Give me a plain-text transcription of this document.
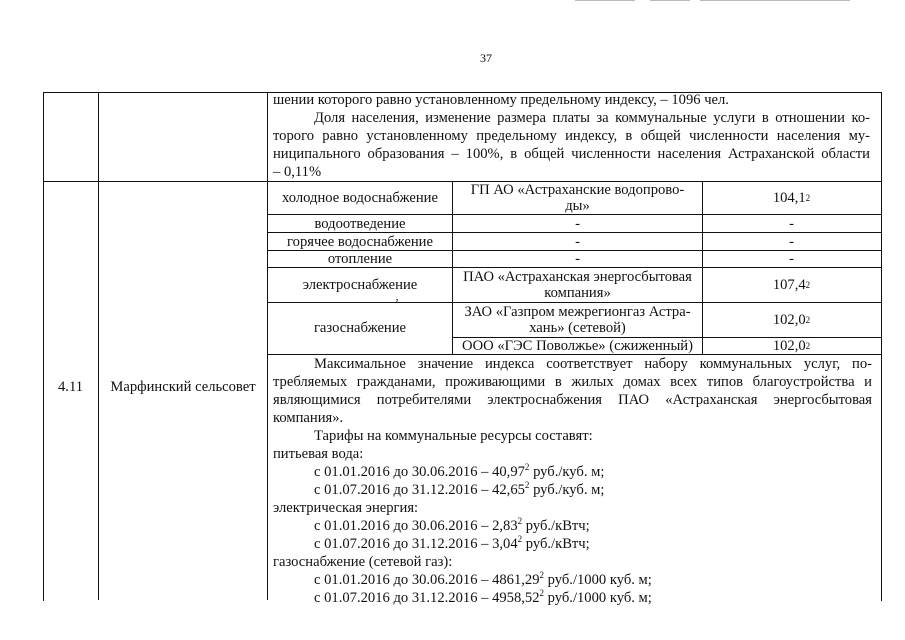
37
шении которого равно установленному предельному индексу, – 1096 чел.
Доля населения, изменение размера платы за коммунальные услуги в отношении ко-
торого равно установленному предельному индексу, в общей численности населения му-
ниципального образования – 100%, в общей численности населения Астраханской области
– 0,11%
4.11	Марфинский сельсовет
холодное водоснабжение
водоотведение
горячее водоснабжение
отопление
электроснабжение
газоснабжение
ʼ
ГП АО «Астраханские водопрово-
ды»
-
-
-
ПАО «Астраханская энергосбытовая
компания»
ЗАО «Газпром межрегионгаз Астра-
хань» (сетевой)
ООО «ГЭС Поволжье» (сжиженный)
104,1 2
-
-
-
107,4 2
102,0 2
102,0 2
Максимальное значение индекса соответствует набору коммунальных услуг, по-
требляемых гражданами, проживающими в жилых домах всех типов благоустройства и
являющимися потребителями электроснабжения ПАО «Астраханская энергосбытовая
компания».
Тарифы на коммунальные ресурсы составят:
питьевая вода:
с 01.01.2016 до 30.06.2016 – 40,97$^2$ руб./куб. м;
с 01.07.2016 до 31.12.2016 – 42,65$^2$ руб./куб. м;
электрическая энергия:
с 01.01.2016 до 30.06.2016 – 2,83$^2$ руб./кВтч;
с 01.07.2016 до 31.12.2016 – 3,04$^2$ руб./кВтч;
газоснабжение (сетевой газ):
с 01.01.2016 до 30.06.2016 – 4861,29$^2$ руб./1000 куб. м;
с 01.07.2016 до 31.12.2016 – 4958,52$^2$ руб./1000 куб. м;
